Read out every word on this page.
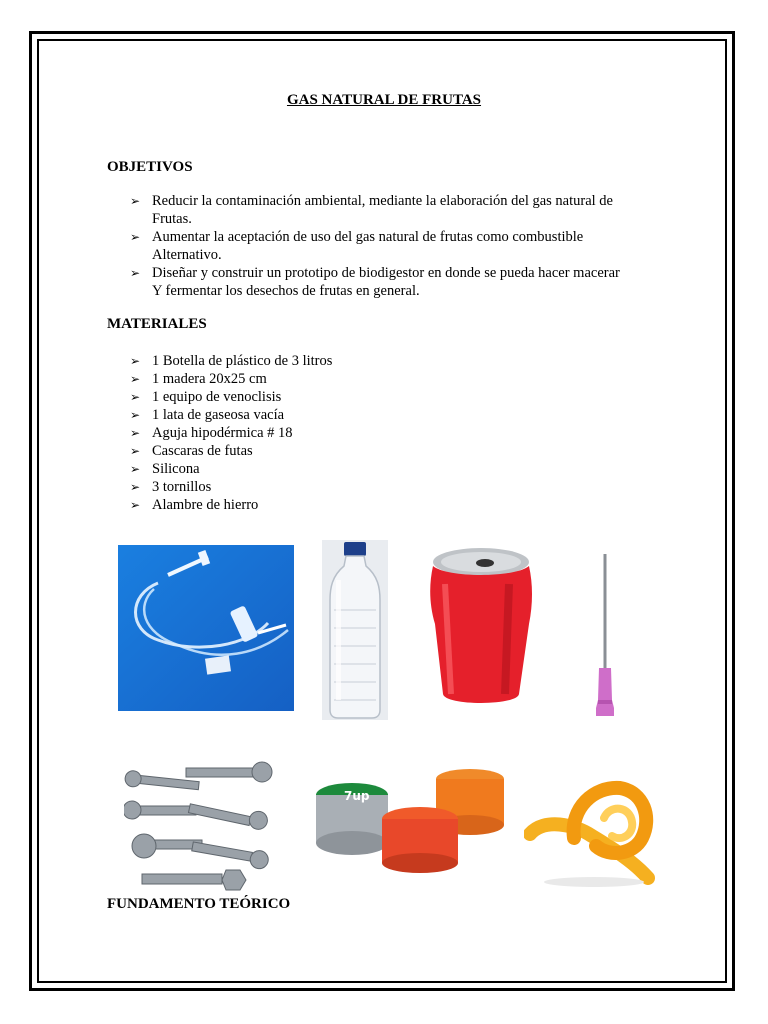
GAS NATURAL DE FRUTAS
OBJETIVOS
➢ Reducir la contaminación ambiental, mediante la elaboración del gas natural de
Frutas.
➢ Aumentar la aceptación de uso del gas natural de frutas como combustible
Alternativo.
➢ Diseñar y construir un prototipo de biodigestor en donde se pueda hacer macerar
Y fermentar los desechos de frutas en general.
MATERIALES
➢ 1 Botella de plástico de 3 litros
➢ 1 madera 20x25 cm
➢ 1 equipo de venoclisis
➢ 1 lata de gaseosa vacía
➢ Aguja hipodérmica # 18
➢ Cascaras de futas
➢ Silicona
➢ 3 tornillos
➢ Alambre de hierro
7up
FUNDAMENTO TEÓRICO
